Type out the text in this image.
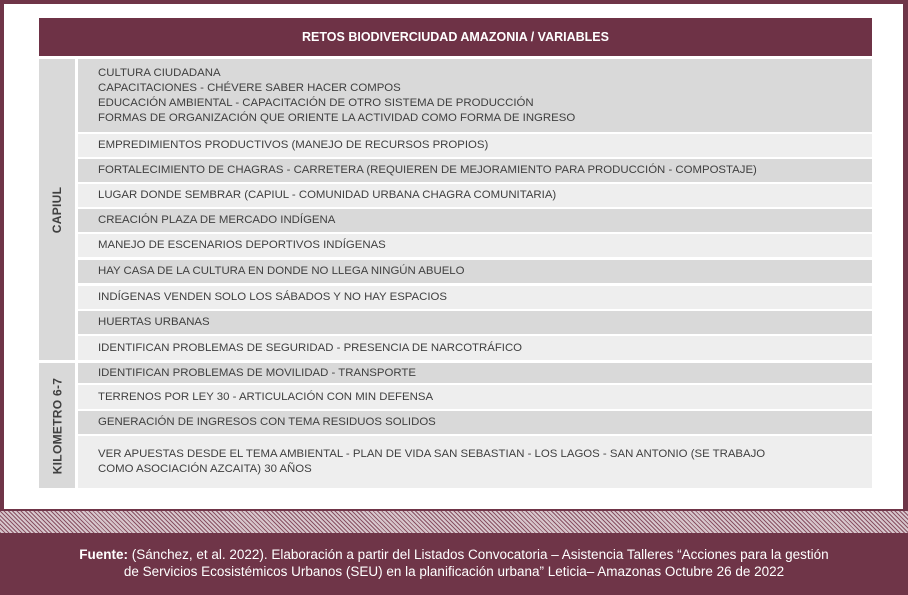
RETOS BIODIVERCIUDAD AMAZONIA / VARIABLES
CAPIUL
KILOMETRO 6-7
CULTURA CIUDADANA
CAPACITACIONES - CHÉVERE SABER HACER COMPOS
EDUCACIÓN AMBIENTAL - CAPACITACIÓN DE OTRO SISTEMA DE PRODUCCIÓN
FORMAS DE ORGANIZACIÓN QUE ORIENTE LA ACTIVIDAD COMO FORMA DE INGRESO
EMPREDIMIENTOS PRODUCTIVOS (MANEJO DE RECURSOS PROPIOS)
FORTALECIMIENTO DE CHAGRAS - CARRETERA (REQUIEREN DE MEJORAMIENTO PARA PRODUCCIÓN - COMPOSTAJE)
LUGAR DONDE SEMBRAR (CAPIUL - COMUNIDAD URBANA CHAGRA COMUNITARIA)
CREACIÓN PLAZA DE MERCADO INDÍGENA
MANEJO DE ESCENARIOS DEPORTIVOS INDÍGENAS
HAY CASA DE LA CULTURA EN DONDE NO LLEGA NINGÚN ABUELO
INDÍGENAS VENDEN SOLO LOS SÁBADOS Y NO HAY ESPACIOS
HUERTAS URBANAS
IDENTIFICAN PROBLEMAS DE SEGURIDAD - PRESENCIA DE NARCOTRÁFICO
IDENTIFICAN PROBLEMAS DE MOVILIDAD - TRANSPORTE
TERRENOS POR LEY 30 - ARTICULACIÓN CON MIN DEFENSA
GENERACIÓN DE INGRESOS CON TEMA RESIDUOS SOLIDOS
VER APUESTAS DESDE EL TEMA AMBIENTAL - PLAN DE VIDA SAN SEBASTIAN - LOS LAGOS - SAN ANTONIO (SE TRABAJO
COMO ASOCIACIÓN AZCAITA) 30 AÑOS
Fuente: (Sánchez, et al. 2022). Elaboración a partir del Listados Convocatoria – Asistencia Talleres “Acciones para la gestión
de Servicios Ecosistémicos Urbanos (SEU) en la planificación urbana” Leticia– Amazonas Octubre 26 de 2022
